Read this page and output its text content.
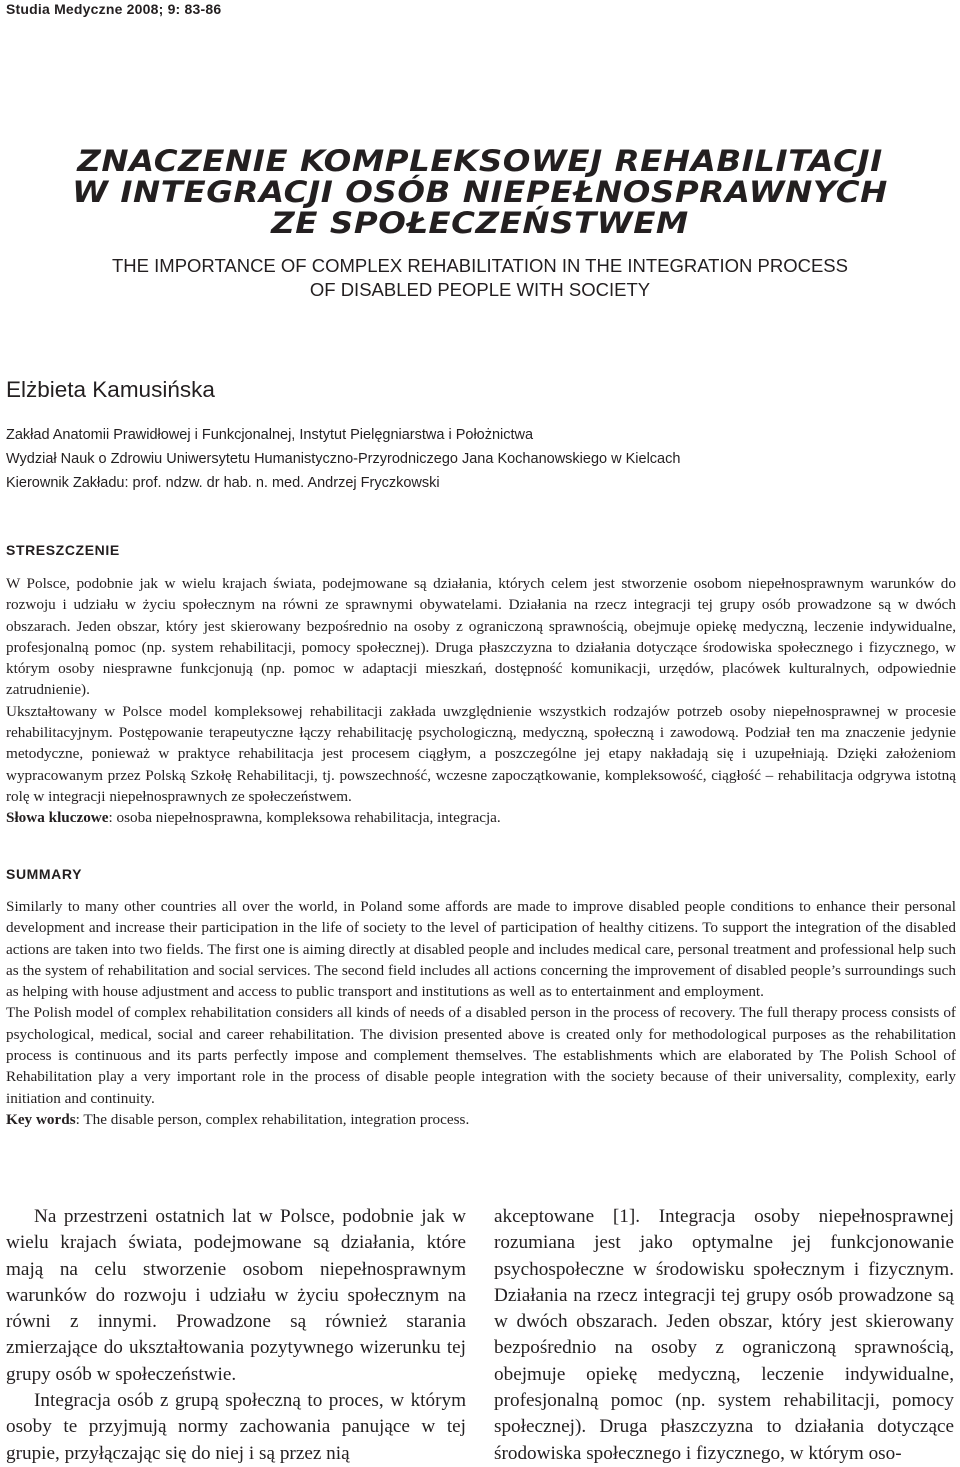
Studia Medyczne 2008; 9: 83-86
ZNACZENIE KOMPLEKSOWEJ REHABILITACJI
W INTEGRACJI OSÓB NIEPEŁNOSPRAWNYCH
ZE SPOŁECZEŃSTWEM
THE IMPORTANCE OF COMPLEX REHABILITATION IN THE INTEGRATION PROCESS
OF DISABLED PEOPLE WITH SOCIETY
Elżbieta Kamusińska
Zakład Anatomii Prawidłowej i Funkcjonalnej, Instytut Pielęgniarstwa i Położnictwa
Wydział Nauk o Zdrowiu Uniwersytetu Humanistyczno-Przyrodniczego Jana Kochanowskiego w Kielcach
Kierownik Zakładu: prof. ndzw. dr hab. n. med. Andrzej Fryczkowski
STRESZCZENIE

W Polsce, podobnie jak w wielu krajach świata, podejmowane są działania, których celem jest stworzenie osobom niepełnosprawnym warunków do rozwoju i udziału w życiu społecznym na równi ze sprawnymi obywatelami. Działania na rzecz integracji tej grupy osób prowadzone są w dwóch obszarach. Jeden obszar, który jest skierowany bezpośrednio na osoby z ograniczoną sprawnością, obejmuje opiekę medyczną, leczenie indywidualne, profesjonalną pomoc (np. system rehabilitacji, pomocy społecznej). Druga płaszczyzna to działania dotyczące środowiska społecznego i fizycznego, w którym osoby niesprawne funkcjonują (np. pomoc w adaptacji mieszkań, dostępność komunikacji, urzędów, placówek kulturalnych, odpowiednie zatrudnienie).

Ukształtowany w Polsce model kompleksowej rehabilitacji zakłada uwzględnienie wszystkich rodzajów potrzeb osoby niepełnosprawnej w procesie rehabilitacyjnym. Postępowanie terapeutyczne łączy rehabilitację psychologiczną, medyczną, społeczną i zawodową. Podział ten ma znaczenie jedynie metodyczne, ponieważ w praktyce rehabilitacja jest procesem ciągłym, a poszczególne jej etapy nakładają się i uzupełniają. Dzięki założeniom wypracowanym przez Polską Szkołę Rehabilitacji, tj. powszechność, wczesne zapoczątkowanie, kompleksowość, ciągłość – rehabilitacja odgrywa istotną rolę w integracji niepełnosprawnych ze społeczeństwem.

Słowa kluczowe: osoba niepełnosprawna, kompleksowa rehabilitacja, integracja.

SUMMARY

Similarly to many other countries all over the world, in Poland some affords are made to improve disabled people conditions to enhance their personal development and increase their participation in the life of society to the level of participation of healthy citizens. To support the integration of the disabled actions are taken into two fields. The first one is aiming directly at disabled people and includes medical care, personal treatment and professional help such as the system of rehabilitation and social services. The second field includes all actions concerning the improvement of disabled people’s surroundings such as helping with house adjustment and access to public transport and institutions as well as to entertainment and employment.

The Polish model of complex rehabilitation considers all kinds of needs of a disabled person in the process of recovery. The full therapy process consists of psychological, medical, social and career rehabilitation. The division presented above is created only for methodological purposes as the rehabilitation process is continuous and its parts perfectly impose and complement themselves. The establishments which are elaborated by The Polish School of Rehabilitation play a very important role in the process of disable people integration with the society because of their universality, complexity, early initiation and continuity.

Key words: The disable person, complex rehabilitation, integration process.

Na przestrzeni ostatnich lat w Polsce, podobnie jak w wielu krajach świata, podejmowane są działania, które mają na celu stworzenie osobom niepełnosprawnym warunków do rozwoju i udziału w życiu społecznym na równi z innymi. Prowadzone są również starania zmierzające do ukształtowania pozytywnego wizerunku tej grupy osób w społeczeństwie.

Integracja osób z grupą społeczną to proces, w którym osoby te przyjmują normy zachowania panujące w tej grupie, przyłączając się do niej i są przez nią

akceptowane [1]. Integracja osoby niepełnosprawnej rozumiana jest jako optymalne jej funkcjonowanie psychospołeczne w środowisku społecznym i fizycznym. Działania na rzecz integracji tej grupy osób prowadzone są w dwóch obszarach. Jeden obszar, który jest skierowany bezpośrednio na osoby z ograniczoną sprawnością, obejmuje opiekę medyczną, leczenie indywidualne, profesjonalną pomoc (np. system rehabilitacji, pomocy społecznej). Druga płaszczyzna to działania dotyczące środowiska społecznego i fizycznego, w którym oso-
